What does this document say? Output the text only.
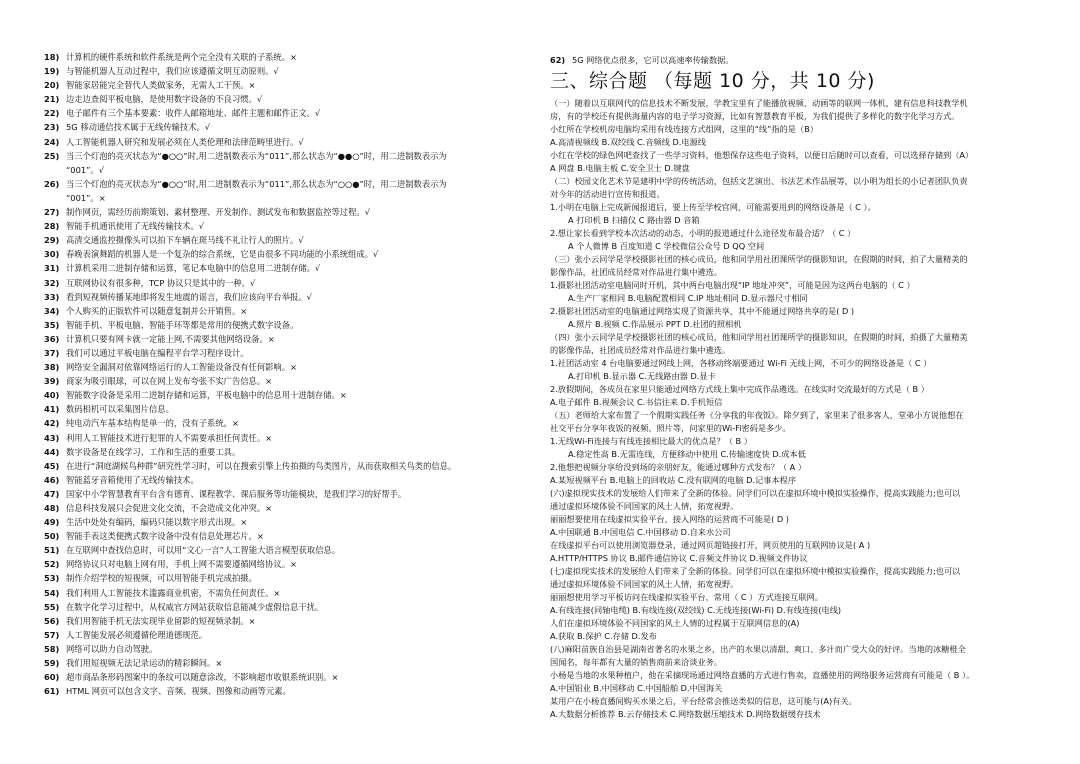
18) 计算机的硬件系统和软件系统是两个完全没有关联的子系统。×
19) 与智能机器人互动过程中，我们应该遵循文明互动原则。√
20) 智能家居能完全替代人类做家务，无需人工干预。×
21) 边走边查阅平板电脑，是使用数字设备的不良习惯。√
22) 电子邮件有三个基本要素：收件人邮箱地址、邮件主题和邮件正文。√
23) 5G 移动通信技术属于无线传输技术。√
24) 人工智能机器人研究和发展必须在人类伦理和法律范畴里进行。√
25) 当三个灯泡的亮灭状态为“●○○”时,用二进制数表示为“011”,那么状态为“●●○”时，用二进制数表示为
“001”。√
26) 当三个灯泡的亮灭状态为“●○○”时,用二进制数表示为“011”,那么状态为“○○●”时，用二进制数表示为
“001”。×
27) 制作网页，需经历前期策划、素材整理、开发制作、测试发布和数据监控等过程。√
28) 智能手机通讯使用了无线传输技术。√
29) 高清交通监控摄像头可以拍下车辆在斑马线不礼让行人的照片。√
30) 春晚表演舞蹈的机器人是一个复杂的综合系统，它是由很多不同功能的小系统组成。√
31) 计算机采用二进制存储和运算，笔记本电脑中的信息用二进制存储。√
32) 互联网协议有很多种，TCP 协议只是其中的一种。√
33) 看到短视频传播某地即将发生地震的谣言，我们应该向平台举报。√
34) 个人购买的正版软件可以随意复制并公开销售。×
35) 智能手机、平板电脑、智能手环等都是常用的便携式数字设备。
36) 计算机只要有网卡就一定能上网,不需要其他网络设备。×
37) 我们可以通过平板电脑在编程平台学习程序设计。
38) 网络安全漏洞对依靠网络运行的人工智能设备没有任何影响。×
39) 商家为吸引眼球，可以在网上发布夸张不实广告信息。×
40) 智能数字设备是采用二进制存储和运算，平板电脑中的信息用十进制存储。×
41) 数码相机可以采集图片信息。
42) 纯电动汽车基本结构是单一的，没有子系统。×
43) 利用人工智能技术进行犯罪的人不需要承担任何责任。×
44) 数字设备是在线学习、工作和生活的重要工具。
45) 在进行“洞庭湖候鸟种群”研究性学习时，可以在搜索引擎上传拍摄的鸟类图片，从而获取相关鸟类的信息。
46) 智能蓝牙音箱使用了无线传输技术。
47) 国家中小学智慧教育平台含有德育、课程教学、课后服务等功能模块，是我们学习的好帮手。
48) 信息科技发展只会促进文化交流，不会造成文化冲突。×
49) 生活中处处有编码，编码只能以数字形式出现。×
50) 智能手表这类便携式数字设备中没有信息处理芯片。×
51) 在互联网中查找信息时，可以用“文心一言”人工智能大语言模型获取信息。
52) 网络协议只对电脑上网有用，手机上网不需要遵循网络协议。×
53) 制作介绍学校的短视频，可以用智能手机完成拍摄。
54) 我们利用人工智能技术滥露商业机密，不需负任何责任。×
55) 在数字化学习过程中，从权威官方网站获取信息能减少虚假信息干扰。
56) 我们用智能手机无法实现毕业留影的短视频录制。×
57) 人工智能发展必须遵循伦理道德规范。
58) 网络可以助力自动驾驶。
59) 我们用短视频无法记录运动的精彩瞬间。×
60) 超市商品条形码图案中的条纹可以随意涂改，不影响超市收银系统识别。×
61) HTML 网页可以包含文字、音频、视频、图像和动画等元素。
62) 5G 网络优点很多，它可以高速率传输数据。
三、综合题 （每题 10 分，共 10 分)
（一）随着以互联网代的信息技术不断发展，学教宝里有了能播放视频、动画等的联网一体机，建有信息科技教学机
房，有的学校还有提供海量内容的电子学习资源，比如有智慧教育平板，为我们提供了多样化的数字化学习方式。
小红所在学校机房电脑均采用有线连接方式组网，这里的“线”指的是（B）
A.高清视频线 B.双绞线 C.音频线 D.电源线
小红在学校的绿色网吧查找了一些学习资料，他想保存这些电子资料，以便日后随时可以查看，可以选择存储到（A）
A 网盘 B.电脑主板 C.安全卫士 D.键盘
（二）校园文化艺术节是建明中学的传统活动，包括文艺演出、书法艺术作品展等，以小明为组长的小记者团队负责
对今年的活动进行宣传和报道。
1.小明在电脑上完成新闻报道后，要上传至学校官网，可能需要用到的网络设备是（ C ）。
A 打印机 B 扫描仪 C 路由器 D 音箱
2.想让家长看到学校本次活动的动态，小明的报道通过什么途径发布最合适？（ C ）
A 个人微博 B 百度知道 C 学校微信公众号 D QQ 空间
（三）张小云同学是学校摄影社团的核心成员，他和同学用社团课所学的摄影知识，在假期的时间，拍了大量精美的
影像作品，社团成员经常对作品进行集中遴选。
1.摄影社团活动室电脑同时开机，其中两台电脑出现“IP 地址冲突”，可能是因为这两台电脑的（ C ）
A.生产厂家相同 B.电脑配置相同 C.IP 地址相同 D.显示器尺寸相同
2.摄影社团活动室的电脑通过网络实现了资源共享，其中不能通过网络共享的是( D )
A.照片 B.视频 C.作品展示 PPT D.社团的照相机
（四）张小云同学是学校摄影社团的核心成员，他和同学用社团课所学的摄影知识，在假期的时间，拍摄了大量精美
的影像作品，社团成员经常对作品进行集中遴选。
1.社团活动室 4 台电脑要通过网线上网，各移动终端要通过 Wi-Fi 无线上网，不可少的网络设备是（ C ）
A.打印机 B.显示器 C.无线路由器 D.显卡
2.放假期间，各成员在家里只能通过网络方式线上集中完成作品遴选。在线实时交流最好的方式是（ B ）
A.电子邮件 B.视频会议 C.书信往来 D.手机短信
（五）老师给大家布置了一个假期实践任务《分享我的年夜饭》。除夕到了，家里来了很多客人，堂弟小方说他想在
社交平台分享年夜饭的视频、照片等，问家里的Wi-Fi密码是多少。
1.无线Wi-Fi连接与有线连接相比最大的优点是？（ B ）
A.稳定性高 B.无需连线，方便移动中使用 C.传输速度快 D.成本低
2.他想把视频分享给没到场的亲朋好友，能通过哪种方式发布？（ A ）
A.某短视频平台 B.电脑上的回收站 C.没有联网的电脑 D.记事本程序
(六)虚拟现实技术的发展给人们带来了全新的体验。同学们可以在虚拟环境中模拟实验操作，提高实践能力;也可以
通过虚拟环境体验不同国家的风土人情，拓宽视野。
丽丽想要使用在线虚拟实验平台，接入网络的运营商不可能是( D )
A.中国联通 B.中国电信 C.中国移动 D.自来水公司
在线虚拟平台可以使用浏览器登录，通过网页超链接打开，网页使用的互联网协议是( A )
A.HTTP/HTTPS 协议 B.邮件通信协议 C.音频文件协议 D.视频文件协议
(七)虚拟现实技术的发展给人们带来了全新的体验。同学们可以在虚拟环境中模拟实验操作，提高实践能力;也可以
通过虚拟环境体验不同国家的风土人情，拓宽视野。
丽丽想使用学习平板访问在线虚拟实验平台，常用（ C ）方式连接互联网。
A.有线连接(同轴电缆) B.有线连接(双绞线) C.无线连接(Wi-Fi) D.有线连接(电线)
人们在虚拟环境体验不同国家的风土人情的过程属于互联网信息的(A)
A.获取 B.保护 C.存储 D.发布
(八)麻阳苗族自治县是湖南省著名的水果之乡，出产的水果以清甜、爽口、多汁而广受大众的好评。当地的冰糖橙全
国闻名，每年都有大量的销售商前来洽谈业务。
小杨是当地的水果种植户，他在采摘现场通过网络直播的方式进行售卖，直播使用的网络服务运营商有可能是（ B ）。
A.中国铝业 B.中国移动 C.中国船舶 D.中国海关
某用户在小杨直播间购买水果之后，平台经常会推送类似的信息，这可能与(A)有关。
A.大数据分析推荐 B.云存储技术 C.网络数据压缩技术 D.网络数据缓存技术
